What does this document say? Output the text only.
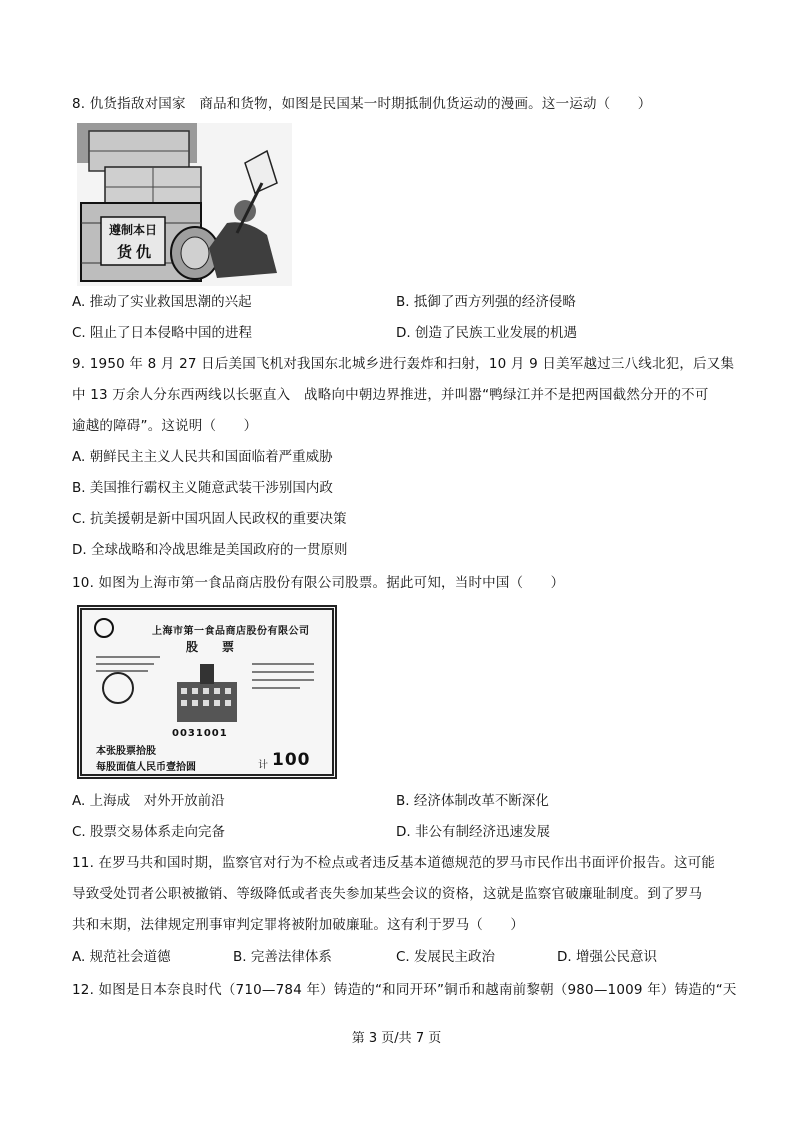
8. 仇货指敌对国家　商品和货物，如图是民国某一时期抵制仇货运动的漫画。这一运动（　　）
遵制本日
货仇
A. 推动了实业救国思潮的兴起	B. 抵御了西方列强的经济侵略
C. 阻止了日本侵略中国的进程	D. 创造了民族工业发展的机遇
9. 1950 年 8 月 27 日后美国飞机对我国东北城乡进行轰炸和扫射，10 月 9 日美军越过三八线北犯，后又集
中 13 万余人分东西两线以长驱直入　战略向中朝边界推进，并叫嚣“鸭绿江并不是把两国截然分开的不可
逾越的障碍”。这说明（　　）
A. 朝鲜民主主义人民共和国面临着严重威胁
B. 美国推行霸权主义随意武装干涉别国内政
C. 抗美援朝是新中国巩固人民政权的重要决策
D. 全球战略和冷战思维是美国政府的一贯原则
10. 如图为上海市第一食品商店股份有限公司股票。据此可知，当时中国（　　）
上海市第一食品商店股份有限公司
股　　票
0031001
本张股票拾股
每股面值人民币壹拾圆	计 100
A. 上海成　对外开放前沿	B. 经济体制改革不断深化
C. 股票交易体系走向完备	D. 非公有制经济迅速发展
11. 在罗马共和国时期，监察官对行为不检点或者违反基本道德规范的罗马市民作出书面评价报告。这可能
导致受处罚者公职被撤销、等级降低或者丧失参加某些会议的资格，这就是监察官破廉耻制度。到了罗马
共和末期，法律规定刑事审判定罪将被附加破廉耻。这有利于罗马（　　）
A. 规范社会道德	B. 完善法律体系	C. 发展民主政治	D. 增强公民意识
12. 如图是日本奈良时代（710—784 年）铸造的“和同开环”铜币和越南前黎朝（980—1009 年）铸造的“天
第 3 页/共 7 页
